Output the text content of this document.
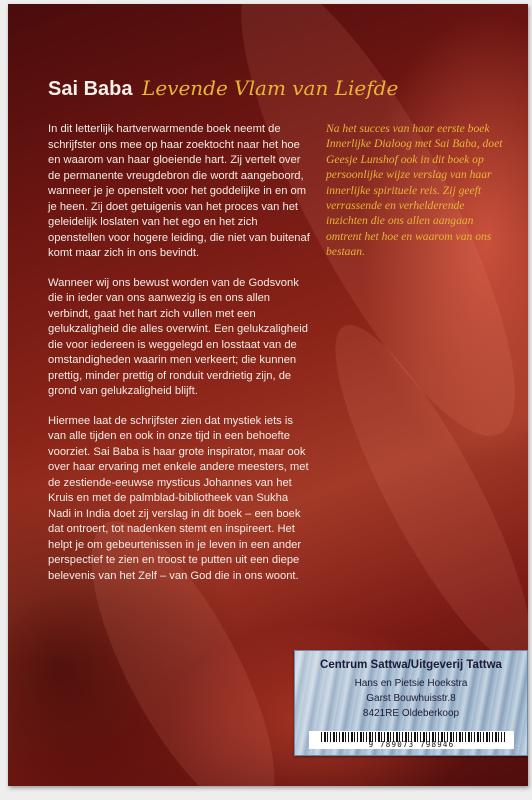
Sai Baba Levende Vlam van Liefde

In dit letterlijk hartverwarmende boek neemt de schrijfster ons mee op haar zoektocht naar het hoe en waarom van haar gloeiende hart. Zij vertelt over de permanente vreugdebron die wordt aangeboord, wanneer je je openstelt voor het goddelijke in en om je heen. Zij doet getuigenis van het proces van het geleidelijk loslaten van het ego en het zich openstellen voor hogere leiding, die niet van buitenaf komt maar zich in ons bevindt.

Wanneer wij ons bewust worden van de Godsvonk die in ieder van ons aanwezig is en ons allen verbindt, gaat het hart zich vullen met een gelukzaligheid die alles overwint. Een gelukzaligheid die voor iedereen is weggelegd en losstaat van de omstandigheden waarin men verkeert; die kunnen prettig, minder prettig of ronduit verdrietig zijn, de grond van gelukzaligheid blijft.

Hiermee laat de schrijfster zien dat mystiek iets is van alle tijden en ook in onze tijd in een behoefte voorziet. Sai Baba is haar grote inspirator, maar ook over haar ervaring met enkele andere meesters, met de zestiende-eeuwse mysticus Johannes van het Kruis en met de palmblad-bibliotheek van Sukha Nadi in India doet zij verslag in dit boek – een boek dat ontroert, tot nadenken stemt en inspireert. Het helpt je om gebeurtenissen in je leven in een ander perspectief te zien en troost te putten uit een diepe belevenis van het Zelf – van God die in ons woont.

Na het succes van haar eerste boek Innerlijke Dialoog met Sai Baba, doet Geesje Lunshof ook in dit boek op persoonlijke wijze verslag van haar innerlijke spirituele reis. Zij geeft verrassende en verhelderende inzichten die ons allen aangaan omtrent het hoe en waarom van ons bestaan.
Centrum Sattwa/Uitgeverij Tattwa
Hans en Pietsie Hoekstra
Garst Bouwhuisstr.8
8421RE Oldeberkoop
9 789073 798946
